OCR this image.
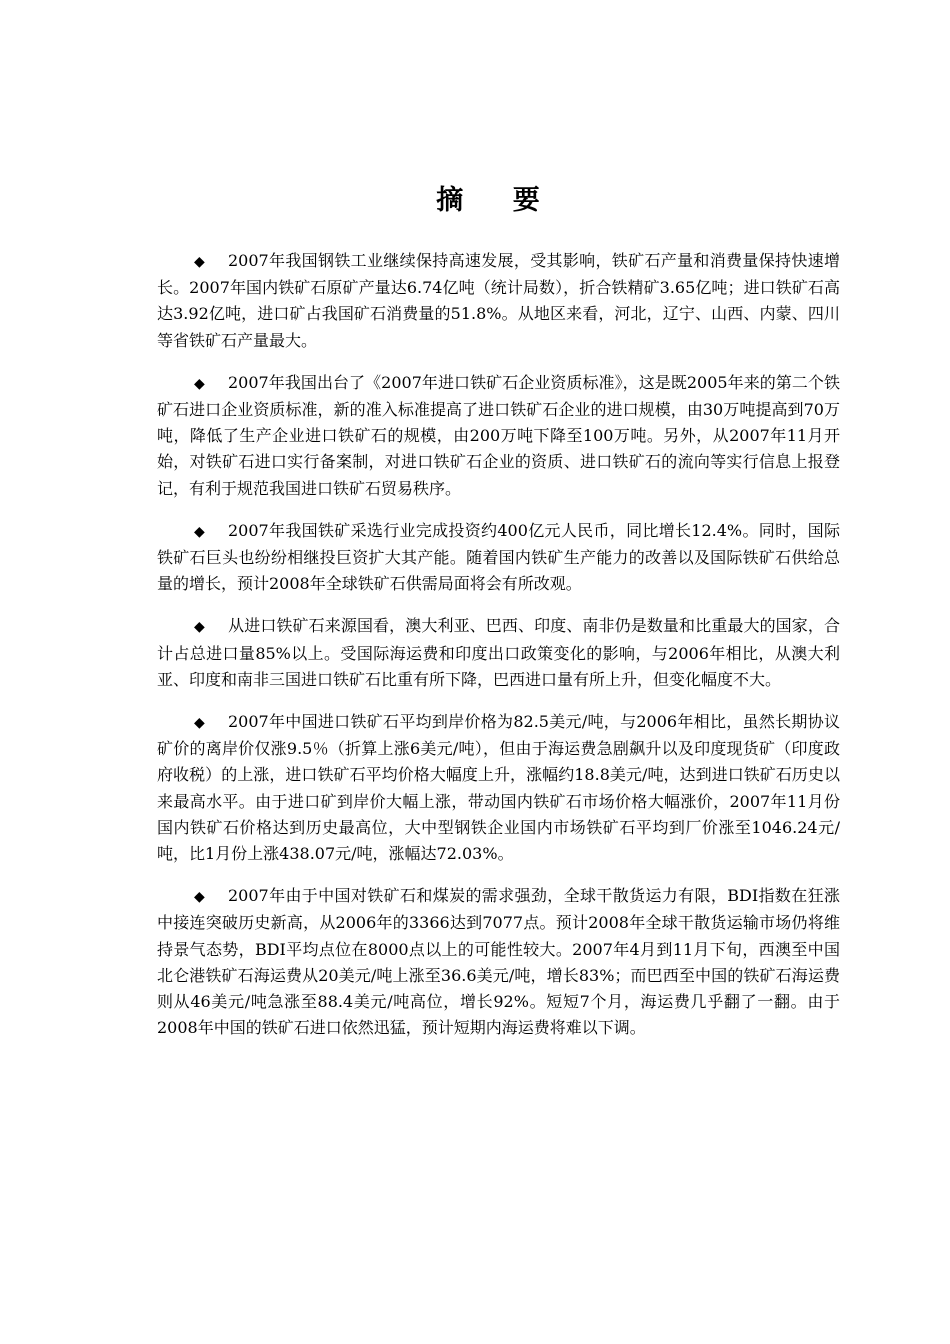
摘 要

◆ 2007年我国钢铁工业继续保持高速发展，受其影响，铁矿石产量和消费量保持快速增长。2007年国内铁矿石原矿产量达6.74亿吨（统计局数），折合铁精矿3.65亿吨；进口铁矿石高达3.92亿吨，进口矿占我国矿石消费量的51.8%。从地区来看，河北，辽宁、山西、内蒙、四川等省铁矿石产量最大。

◆ 2007年我国出台了《2007年进口铁矿石企业资质标准》，这是既2005年来的第二个铁矿石进口企业资质标准，新的准入标准提高了进口铁矿石企业的进口规模，由30万吨提高到70万吨，降低了生产企业进口铁矿石的规模，由200万吨下降至100万吨。另外，从2007年11月开始，对铁矿石进口实行备案制，对进口铁矿石企业的资质、进口铁矿石的流向等实行信息上报登记，有利于规范我国进口铁矿石贸易秩序。

◆ 2007年我国铁矿采选行业完成投资约400亿元人民币，同比增长12.4%。同时，国际铁矿石巨头也纷纷相继投巨资扩大其产能。随着国内铁矿生产能力的改善以及国际铁矿石供给总量的增长，预计2008年全球铁矿石供需局面将会有所改观。

◆ 从进口铁矿石来源国看，澳大利亚、巴西、印度、南非仍是数量和比重最大的国家，合计占总进口量85%以上。受国际海运费和印度出口政策变化的影响，与2006年相比，从澳大利亚、印度和南非三国进口铁矿石比重有所下降，巴西进口量有所上升，但变化幅度不大。

◆ 2007年中国进口铁矿石平均到岸价格为82.5美元/吨，与2006年相比，虽然长期协议矿价的离岸价仅涨9.5％（折算上涨6美元/吨），但由于海运费急剧飙升以及印度现货矿（印度政府收税）的上涨，进口铁矿石平均价格大幅度上升，涨幅约18.8美元/吨，达到进口铁矿石历史以来最高水平。由于进口矿到岸价大幅上涨，带动国内铁矿石市场价格大幅涨价，2007年11月份国内铁矿石价格达到历史最高位，大中型钢铁企业国内市场铁矿石平均到厂价涨至1046.24元/吨，比1月份上涨438.07元/吨，涨幅达72.03%。

◆ 2007年由于中国对铁矿石和煤炭的需求强劲，全球干散货运力有限，BDI指数在狂涨中接连突破历史新高，从2006年的3366达到7077点。预计2008年全球干散货运输市场仍将维持景气态势，BDI平均点位在8000点以上的可能性较大。2007年4月到11月下旬，西澳至中国北仑港铁矿石海运费从20美元/吨上涨至36.6美元/吨，增长83%；而巴西至中国的铁矿石海运费则从46美元/吨急涨至88.4美元/吨高位，增长92%。短短7个月，海运费几乎翻了一翻。由于2008年中国的铁矿石进口依然迅猛，预计短期内海运费将难以下调。
